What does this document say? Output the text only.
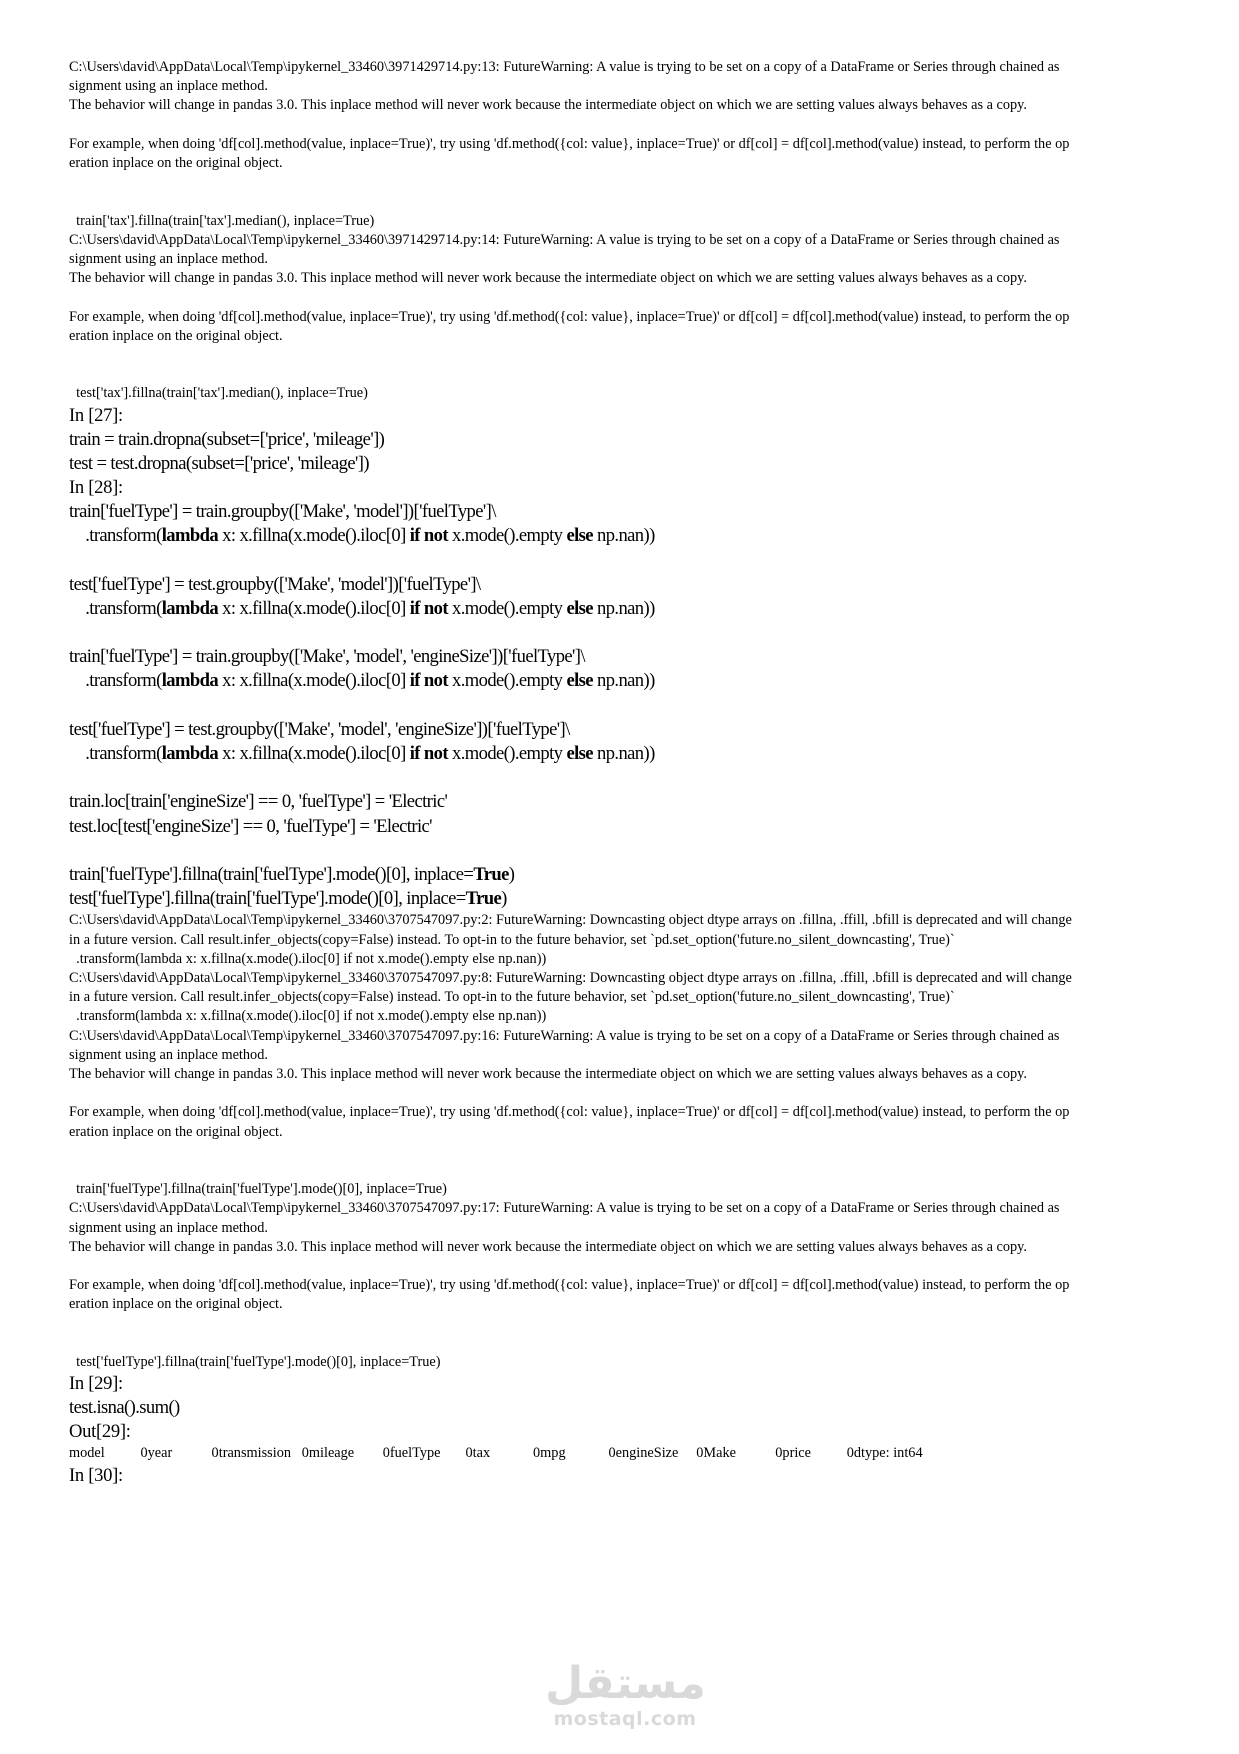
C:\Users\david\AppData\Local\Temp\ipykernel_33460\3971429714.py:13: FutureWarning: A value is trying to be set on a copy of a DataFrame or Series through chained as
signment using an inplace method.
The behavior will change in pandas 3.0. This inplace method will never work because the intermediate object on which we are setting values always behaves as a copy.
For example, when doing 'df[col].method(value, inplace=True)', try using 'df.method({col: value}, inplace=True)' or df[col] = df[col].method(value) instead, to perform the op
eration inplace on the original object.
train['tax'].fillna(train['tax'].median(), inplace=True)
C:\Users\david\AppData\Local\Temp\ipykernel_33460\3971429714.py:14: FutureWarning: A value is trying to be set on a copy of a DataFrame or Series through chained as
signment using an inplace method.
The behavior will change in pandas 3.0. This inplace method will never work because the intermediate object on which we are setting values always behaves as a copy.
For example, when doing 'df[col].method(value, inplace=True)', try using 'df.method({col: value}, inplace=True)' or df[col] = df[col].method(value) instead, to perform the op
eration inplace on the original object.
test['tax'].fillna(train['tax'].median(), inplace=True)
In [27]:
train = train.dropna(subset=['price', 'mileage'])
test = test.dropna(subset=['price', 'mileage'])
In [28]:
train['fuelType'] = train.groupby(['Make', 'model'])['fuelType']\
.transform(lambda x: x.fillna(x.mode().iloc[0] if not x.mode().empty else np.nan))
test['fuelType'] = test.groupby(['Make', 'model'])['fuelType']\
.transform(lambda x: x.fillna(x.mode().iloc[0] if not x.mode().empty else np.nan))
train['fuelType'] = train.groupby(['Make', 'model', 'engineSize'])['fuelType']\
.transform(lambda x: x.fillna(x.mode().iloc[0] if not x.mode().empty else np.nan))
test['fuelType'] = test.groupby(['Make', 'model', 'engineSize'])['fuelType']\
.transform(lambda x: x.fillna(x.mode().iloc[0] if not x.mode().empty else np.nan))
train.loc[train['engineSize'] == 0, 'fuelType'] = 'Electric'
test.loc[test['engineSize'] == 0, 'fuelType'] = 'Electric'
train['fuelType'].fillna(train['fuelType'].mode()[0], inplace=True)
test['fuelType'].fillna(train['fuelType'].mode()[0], inplace=True)
C:\Users\david\AppData\Local\Temp\ipykernel_33460\3707547097.py:2: FutureWarning: Downcasting object dtype arrays on .fillna, .ffill, .bfill is deprecated and will change
in a future version. Call result.infer_objects(copy=False) instead. To opt-in to the future behavior, set `pd.set_option('future.no_silent_downcasting', True)`
.transform(lambda x: x.fillna(x.mode().iloc[0] if not x.mode().empty else np.nan))
C:\Users\david\AppData\Local\Temp\ipykernel_33460\3707547097.py:8: FutureWarning: Downcasting object dtype arrays on .fillna, .ffill, .bfill is deprecated and will change
in a future version. Call result.infer_objects(copy=False) instead. To opt-in to the future behavior, set `pd.set_option('future.no_silent_downcasting', True)`
.transform(lambda x: x.fillna(x.mode().iloc[0] if not x.mode().empty else np.nan))
C:\Users\david\AppData\Local\Temp\ipykernel_33460\3707547097.py:16: FutureWarning: A value is trying to be set on a copy of a DataFrame or Series through chained as
signment using an inplace method.
The behavior will change in pandas 3.0. This inplace method will never work because the intermediate object on which we are setting values always behaves as a copy.
For example, when doing 'df[col].method(value, inplace=True)', try using 'df.method({col: value}, inplace=True)' or df[col] = df[col].method(value) instead, to perform the op
eration inplace on the original object.
train['fuelType'].fillna(train['fuelType'].mode()[0], inplace=True)
C:\Users\david\AppData\Local\Temp\ipykernel_33460\3707547097.py:17: FutureWarning: A value is trying to be set on a copy of a DataFrame or Series through chained as
signment using an inplace method.
The behavior will change in pandas 3.0. This inplace method will never work because the intermediate object on which we are setting values always behaves as a copy.
For example, when doing 'df[col].method(value, inplace=True)', try using 'df.method({col: value}, inplace=True)' or df[col] = df[col].method(value) instead, to perform the op
eration inplace on the original object.
test['fuelType'].fillna(train['fuelType'].mode()[0], inplace=True)
In [29]:
test.isna().sum()
Out[29]:
model          0year           0transmission   0mileage        0fuelType       0tax            0mpg            0engineSize     0Make           0price          0dtype: int64
In [30]:
مستقل
mostaql.com
